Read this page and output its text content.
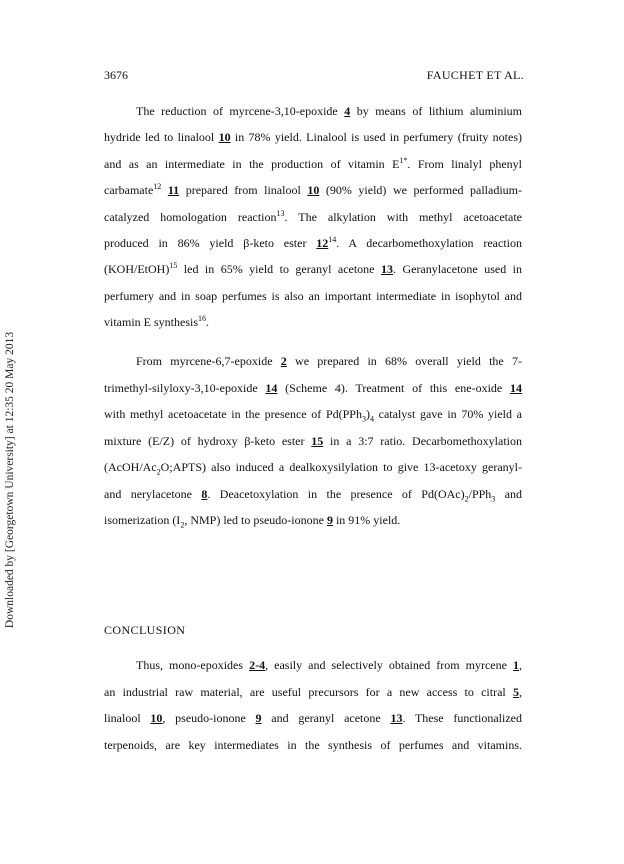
Downloaded by [Georgetown University] at 12:35 20 May 2013
3676	FAUCHET ET AL.
The reduction of myrcene-3,10-epoxide 4 by means of lithium aluminium
hydride led to linalool 10 in 78% yield. Linalool is used in perfumery (fruity notes)
and as an intermediate in the production of vitamin $E^{1*}$. From linalyl phenyl
carbamate$^{12}$ 11 prepared from linalool 10 (90% yield) we performed palladium-
catalyzed homologation reaction$^{13}$. The alkylation with methyl acetoacetate
produced in 86% yield β-keto ester $12^{14}$. A decarbomethoxylation reaction
(KOH/EtOH)$^{15}$ led in 65% yield to geranyl acetone 13. Geranylacetone used in
perfumery and in soap perfumes is also an important intermediate in isophytol and
vitamin E synthesis$^{16}$.
From myrcene-6,7-epoxide 2 we prepared in 68% overall yield the 7-
trimethyl-silyloxy-3,10-epoxide 14 (Scheme 4). Treatment of this ene-oxide 14
with methyl acetoacetate in the presence of $Pd(PPh_3)_4$ catalyst gave in 70% yield a
mixture (E/Z) of hydroxy β-keto ester 15 in a 3:7 ratio. Decarbomethoxylation
$(AcOH/Ac_2O;APTS)$ also induced a dealkoxysilylation to give 13-acetoxy geranyl-
and nerylacetone 8. Deacetoxylation in the presence of $Pd(OAc)_2/PPh_3$ and
isomerization ($I_2$, NMP) led to pseudo-ionone 9 in 91% yield.
CONCLUSION
Thus, mono-epoxides 2-4, easily and selectively obtained from myrcene 1,
an industrial raw material, are useful precursors for a new access to citral 5,
linalool 10, pseudo-ionone 9 and geranyl acetone 13. These functionalized
terpenoids, are key intermediates in the synthesis of perfumes and vitamins.
